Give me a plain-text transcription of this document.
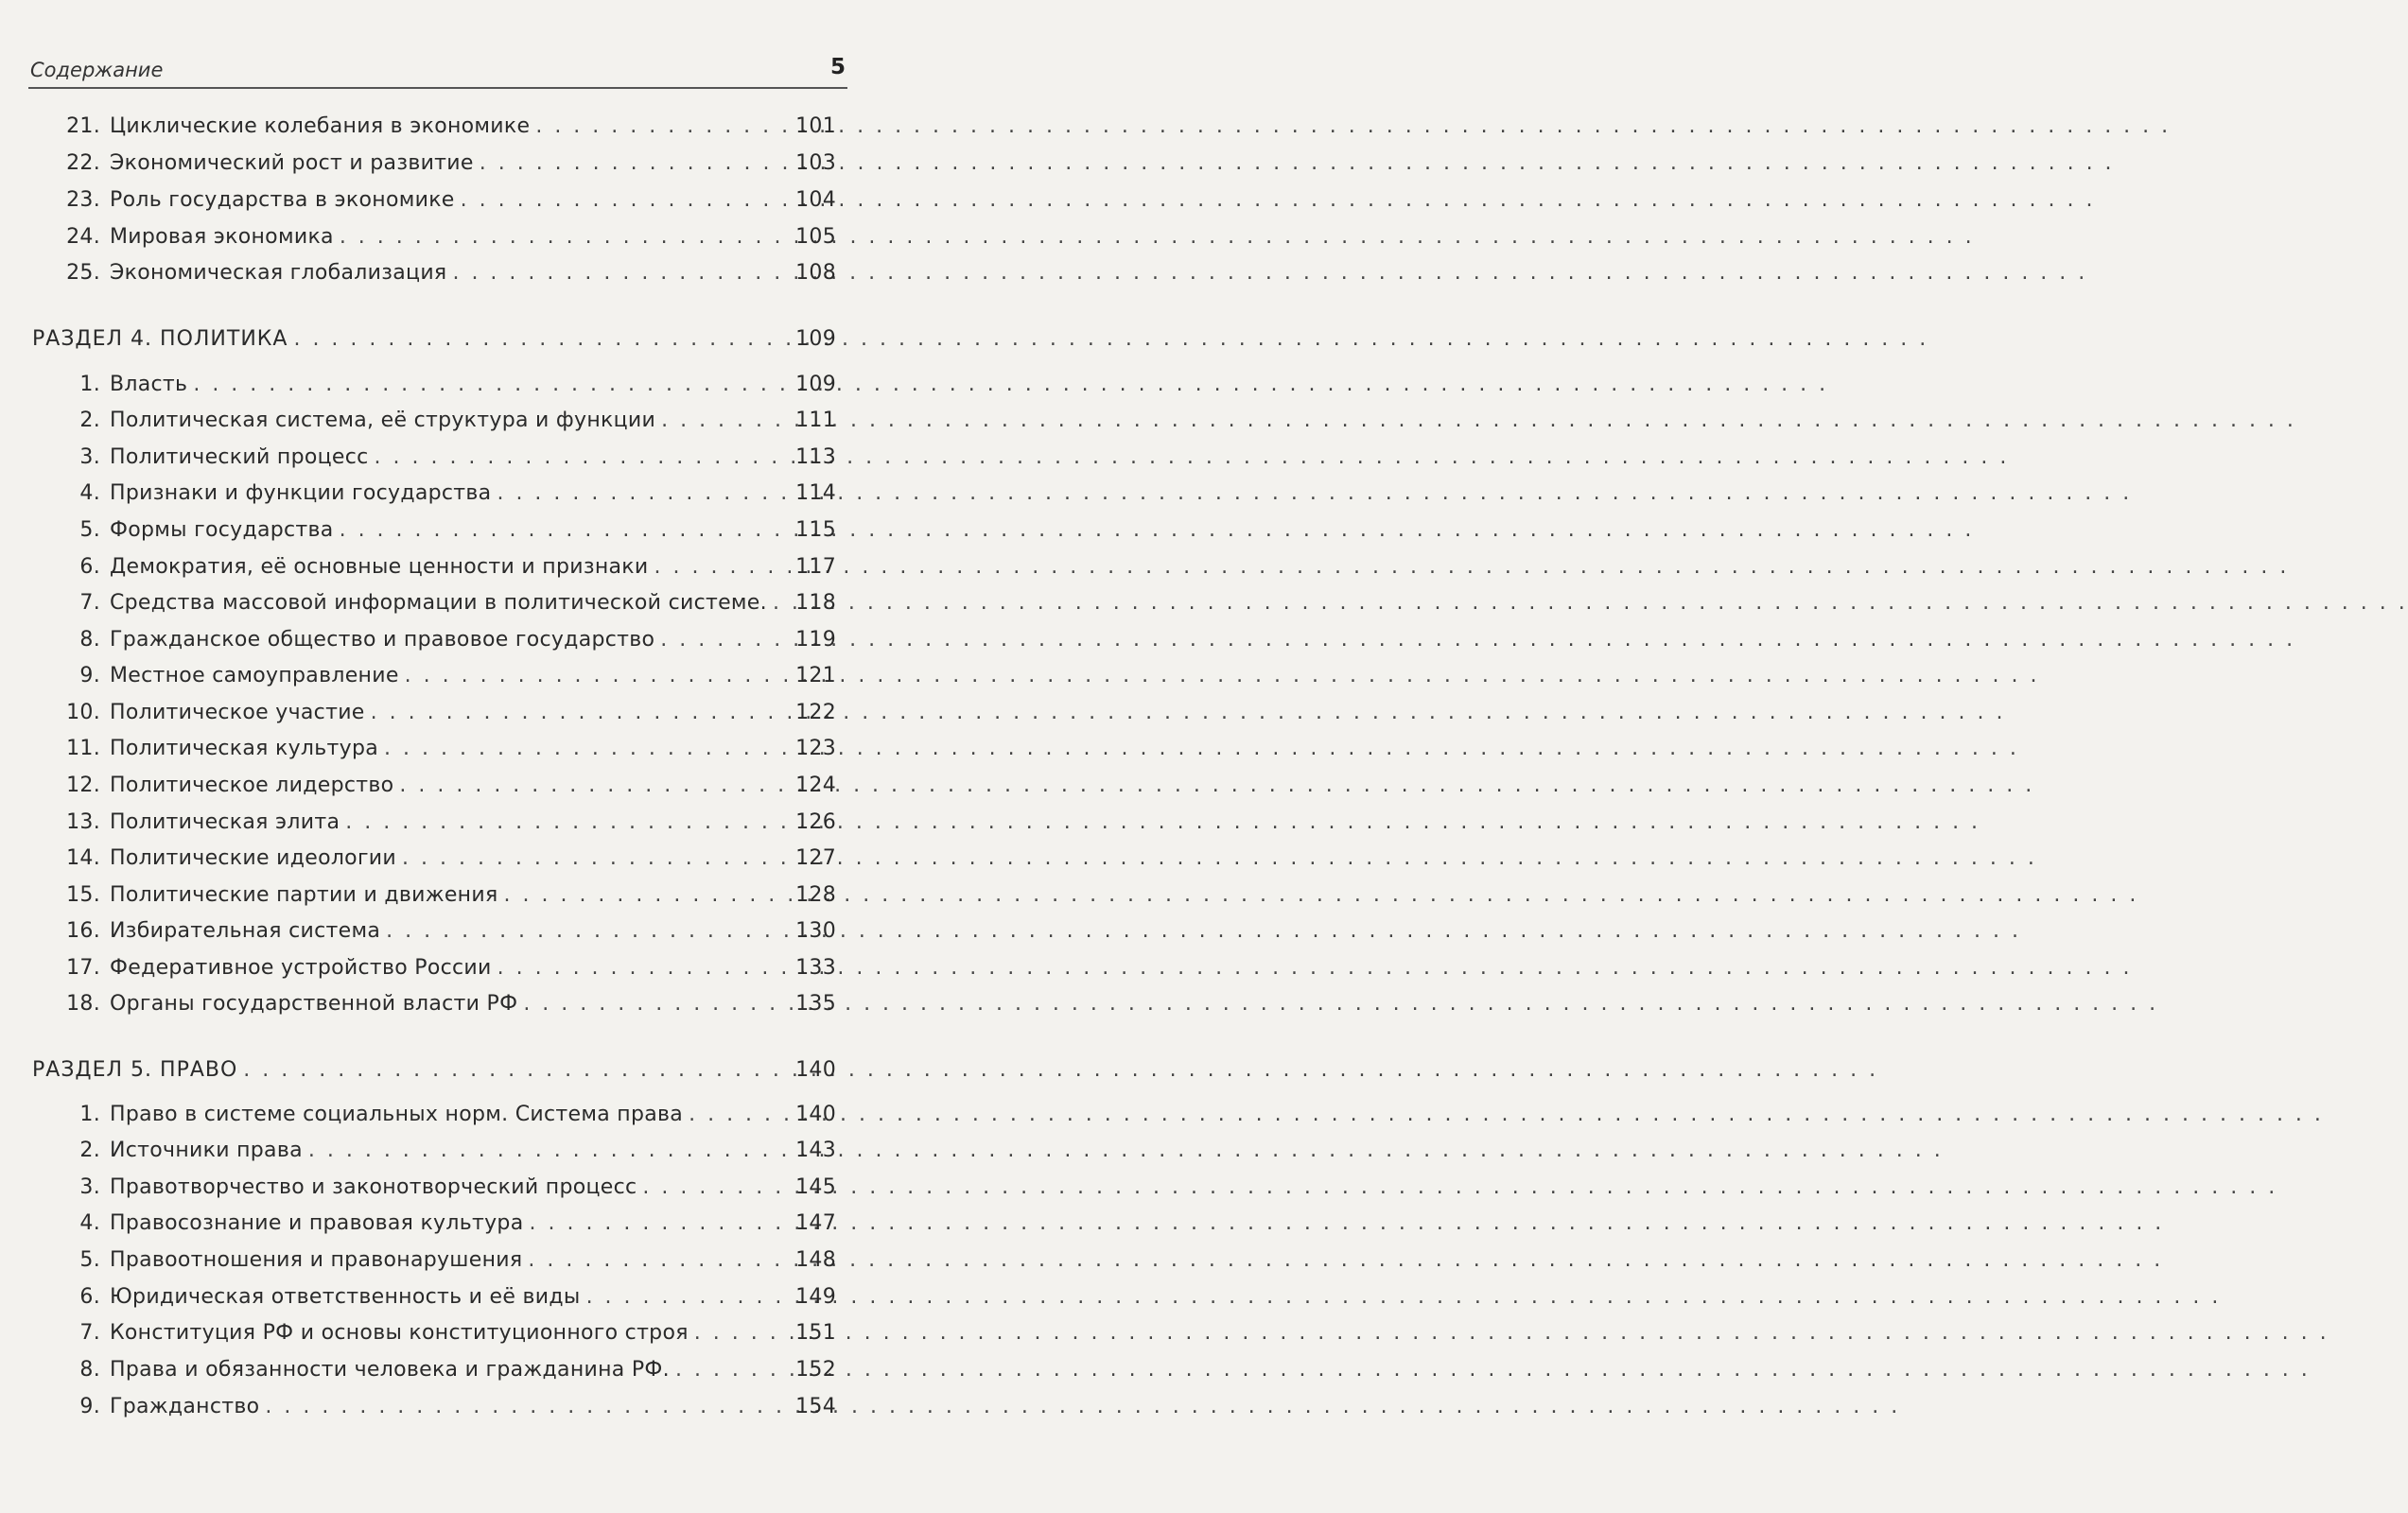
Содержание	5
21. Циклические колебания в экономике . . .	101
22. Экономический рост и развитие . . .	103
23. Роль государства в экономике . . .	104
24. Мировая экономика . . .	105
25. Экономическая глобализация . . .	108
РАЗДЕЛ 4. ПОЛИТИКА . . .	109
1. Власть . . .	109
2. Политическая система, её структура и функции . . .	111
3. Политический процесс . . .	113
4. Признаки и функции государства . . .	114
5. Формы государства . . .	115
6. Демократия, её основные ценности и признаки . . .	117
7. Средства массовой информации в политической системе. . . . 118
8. Гражданское общество и правовое государство . . .	119
9. Местное самоуправление . . .	121
10. Политическое участие . . .	122
11. Политическая культура . . .	123
12. Политическое лидерство . . .	124
13. Политическая элита . . .	126
14. Политические идеологии . . .	127
15. Политические партии и движения . . .	128
16. Избирательная система . . .	130
17. Федеративное устройство России . . .	133
18. Органы государственной власти РФ . . .	135
РАЗДЕЛ 5. ПРАВО . . .	140
1. Право в системе социальных норм. Система права . . .	140
2. Источники права . . .	143
3. Правотворчество и законотворческий процесс . . .	145
4. Правосознание и правовая культура . . .	147
5. Правоотношения и правонарушения . . .	148
6. Юридическая ответственность и её виды . . .	149
7. Конституция РФ и основы конституционного строя . . .	151
8. Права и обязанности человека и гражданина РФ. . . .	152
9. Гражданство . . .	154
